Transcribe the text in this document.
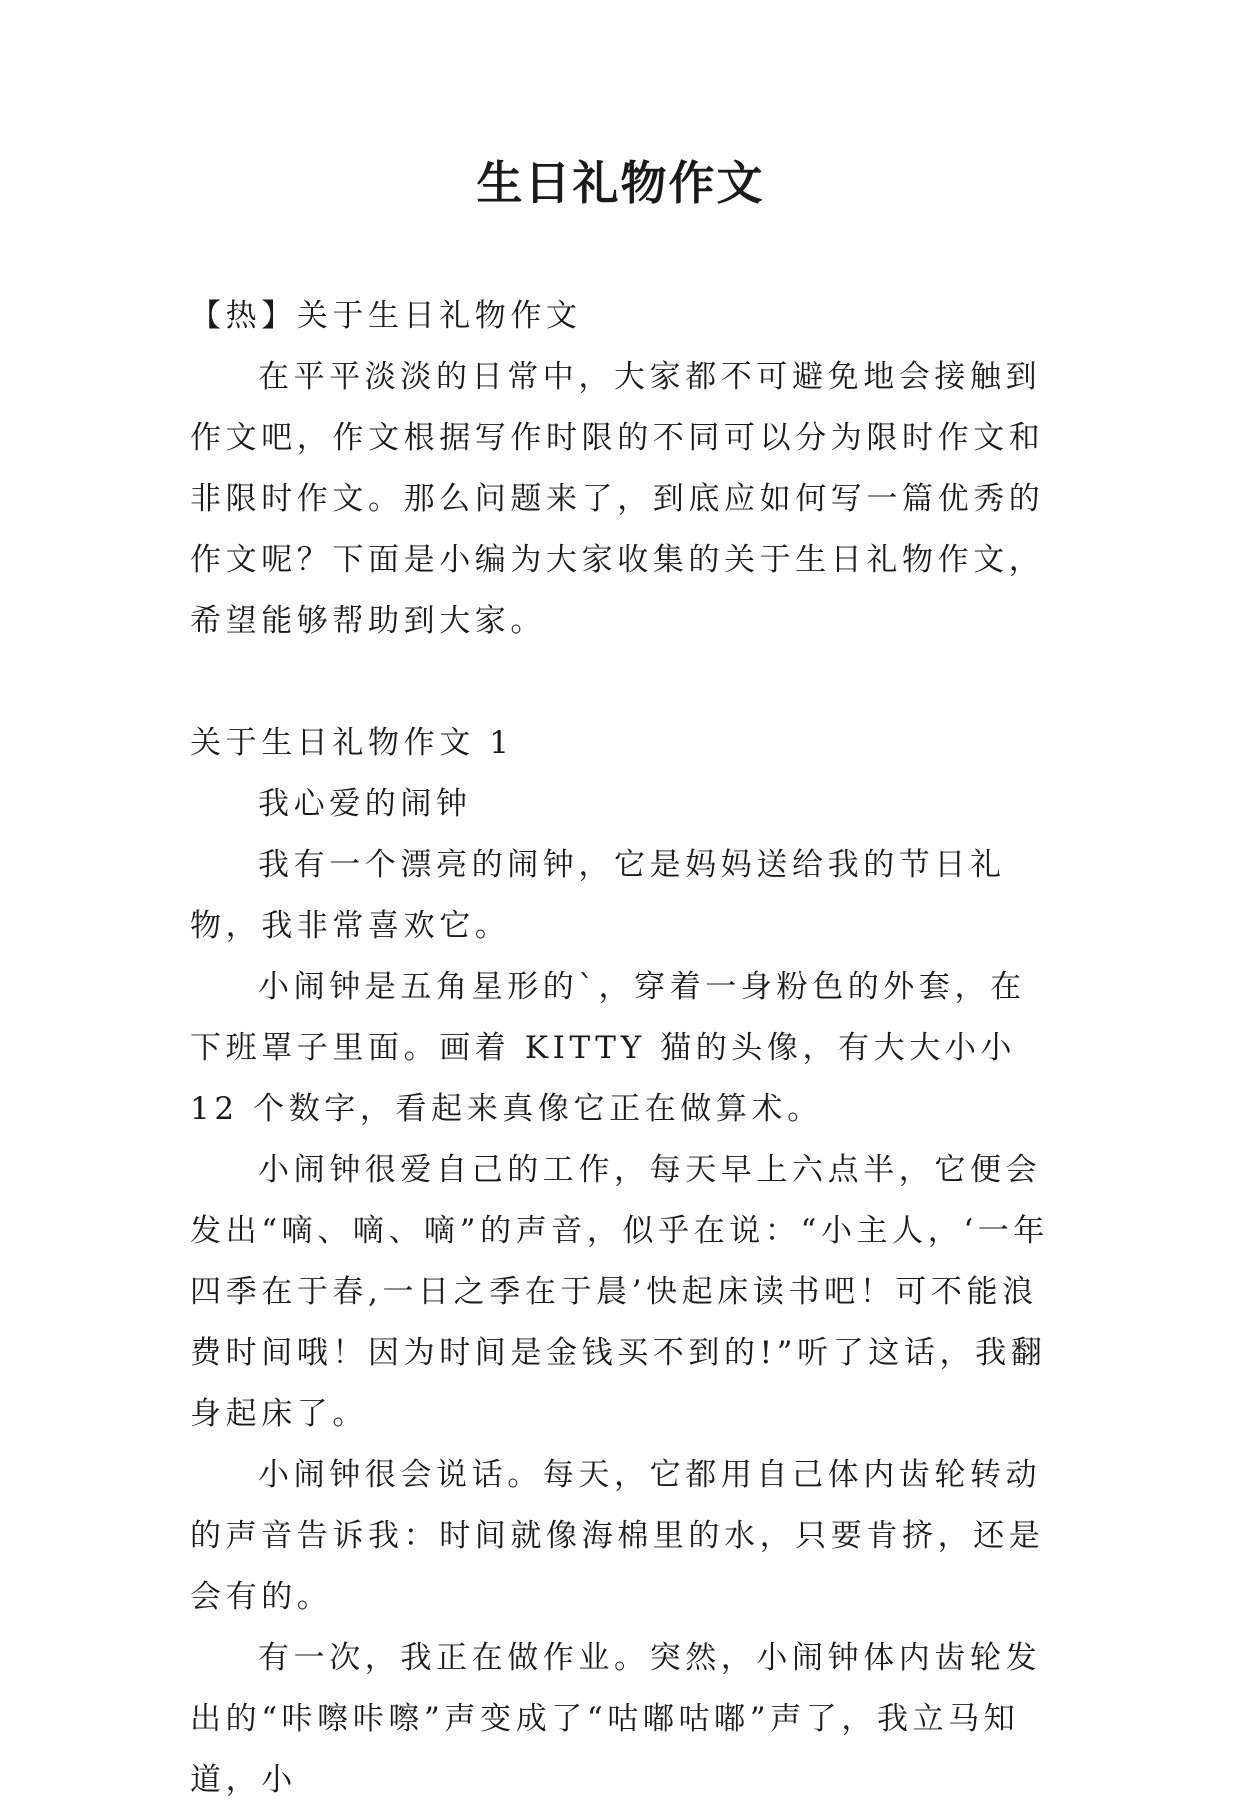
生日礼物作文

【热】关于生日礼物作文

在平平淡淡的日常中，大家都不可避免地会接触到作文吧，作文根据写作时限的不同可以分为限时作文和非限时作文。那么问题来了，到底应如何写一篇优秀的作文呢？下面是小编为大家收集的关于生日礼物作文，希望能够帮助到大家。

关于生日礼物作文 1

我心爱的闹钟

我有一个漂亮的闹钟，它是妈妈送给我的节日礼物，我非常喜欢它。

小闹钟是五角星形的`，穿着一身粉色的外套，在下班罩子里面。画着 KITTY 猫的头像，有大大小小 12 个数字，看起来真像它正在做算术。

小闹钟很爱自己的工作，每天早上六点半，它便会发出“嘀、嘀、嘀”的声音，似乎在说：“小主人，‘一年四季在于春,一日之季在于晨’快起床读书吧！可不能浪费时间哦！因为时间是金钱买不到的!”听了这话，我翻身起床了。

小闹钟很会说话。每天，它都用自己体内齿轮转动的声音告诉我：时间就像海棉里的水，只要肯挤，还是会有的。

有一次，我正在做作业。突然，小闹钟体内齿轮发出的“咔嚓咔嚓”声变成了“咕嘟咕嘟”声了，我立马知道，小
